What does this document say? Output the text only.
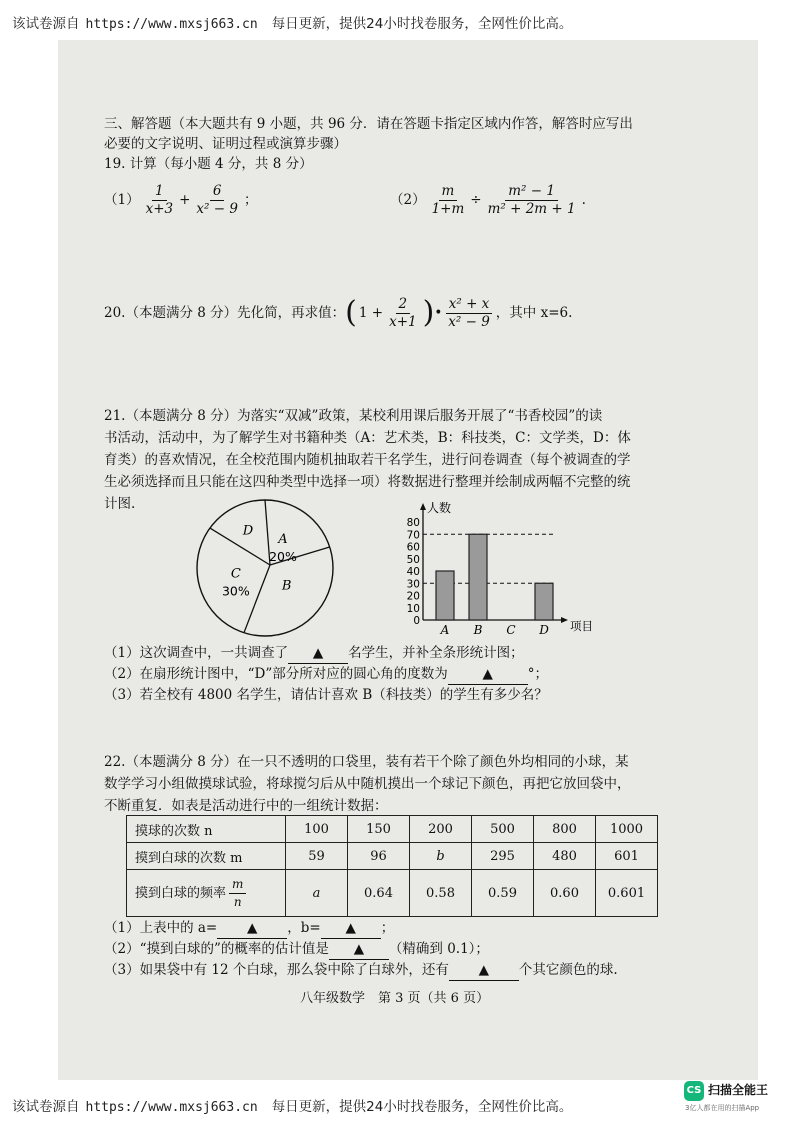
该试卷源自 https://www.mxsj663.cn 每日更新，提供24小时找卷服务，全网性价比高。
三、解答题（本大题共有 9 小题，共 96 分．请在答题卡指定区域内作答，解答时应写出
必要的文字说明、证明过程或演算步骤）
19. 计算（每小题 4 分，共 8 分）
$(1) \frac{1}{x+3} + \frac{6}{\text{x² − 9}}$ ；	$(2) \frac{m}{1+m} \div \frac{\text{m² − 1}}{\text{m² + 2m + 1}}$ .
20.（本题满分 8 分）先化简，再求值： ( $1 + \frac{2}{x+1}$ ) • $\frac{\text{x² + x}}{\text{x² − 9}}$ ，其中 x=6.
21.（本题满分 8 分）为落实“双减”政策，某校利用课后服务开展了“书香校园”的读
书活动，活动中，为了解学生对书籍种类（A：艺术类，B：科技类，C：文学类，D：体
育类）的喜欢情况，在全校范围内随机抽取若干名学生，进行问卷调查（每个被调查的学
生必须选择而且只能在这四种类型中选择一项）将数据进行整理并绘制成两幅不完整的统
计图.
A
20%
B
C
30%
D
人数
项目
80
70
60
50
40
30
20
10
0
A B C D
（1）这次调查中，一共调查了 ▲ 名学生，并补全条形统计图；
（2）在扇形统计图中，“D”部分所对应的圆心角的度数为	▲	°；
（3）若全校有 4800 名学生，请估计喜欢 B（科技类）的学生有多少名？
22.（本题满分 8 分）在一只不透明的口袋里，装有若干个除了颜色外均相同的小球，某
数学学习小组做摸球试验，将球搅匀后从中随机摸出一个球记下颜色，再把它放回袋中，
不断重复．如表是活动进行中的一组统计数据：
摸球的次数 n	100	150	200	500	800	1000
摸到白球的次数 m	59	96	b	295	480	601
摸到白球的频率 $\frac{m}{n}$	a	0.64	0.58	0.59	0.60	0.601
（1）上表中的 a= ▲ ，b= ▲ ；
（2）“摸到白球的”的概率的估计值是 ▲ （精确到 0.1）；
（3）如果袋中有 12 个白球，那么袋中除了白球外，还有 ▲ 个其它颜色的球.
八年级数学　第 3 页（共 6 页）
该试卷源自 https://www.mxsj663.cn 每日更新，提供24小时找卷服务，全网性价比高。
CS 扫描全能王
3亿人都在用的扫描App
